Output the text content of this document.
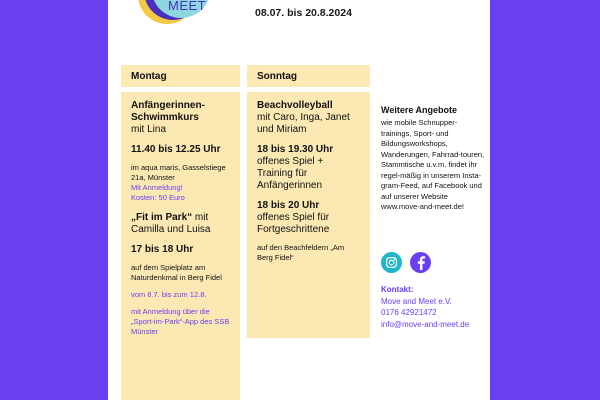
MEET	08.07. bis 20.8.2024
Montag
Anfängerinnen-Schwimmkurs
mit Lina
11.40 bis 12.25 Uhr
im aqua maris, Gasselstiege 21a, Münster
Mit Anmeldung!
Kosten: 50 Euro
„Fit im Park“ mit Camilla und Luisa
17 bis 18 Uhr
auf dem Spielplatz am Naturdenkmal in Berg Fidel
vom 8.7. bis zum 12.8.
mit Anmeldung über die „Sport-im-Park“-App des SSB Münster
Sonntag
Beachvolleyball
mit Caro, Inga, Janet und Miriam
18 bis 19.30 Uhr
offenes Spiel + Training für Anfängerinnen
18 bis 20 Uhr
offenes Spiel für Fortgeschrittene
auf den Beachfeldern „Am Berg Fidel“
Weitere Angebote

wie mobile Schnupper-trainings, Sport- und Bildungsworkshops, Wanderungen, Fahrrad-touren, Stammtische u.v.m. findet ihr regel-mäßig in unserem Insta-gram-Feed, auf Facebook und auf unserer Website www.move-and-meet.de!

Kontakt:
Move and Meet e.V.
0176 42921472
info@move-and-meet.de
